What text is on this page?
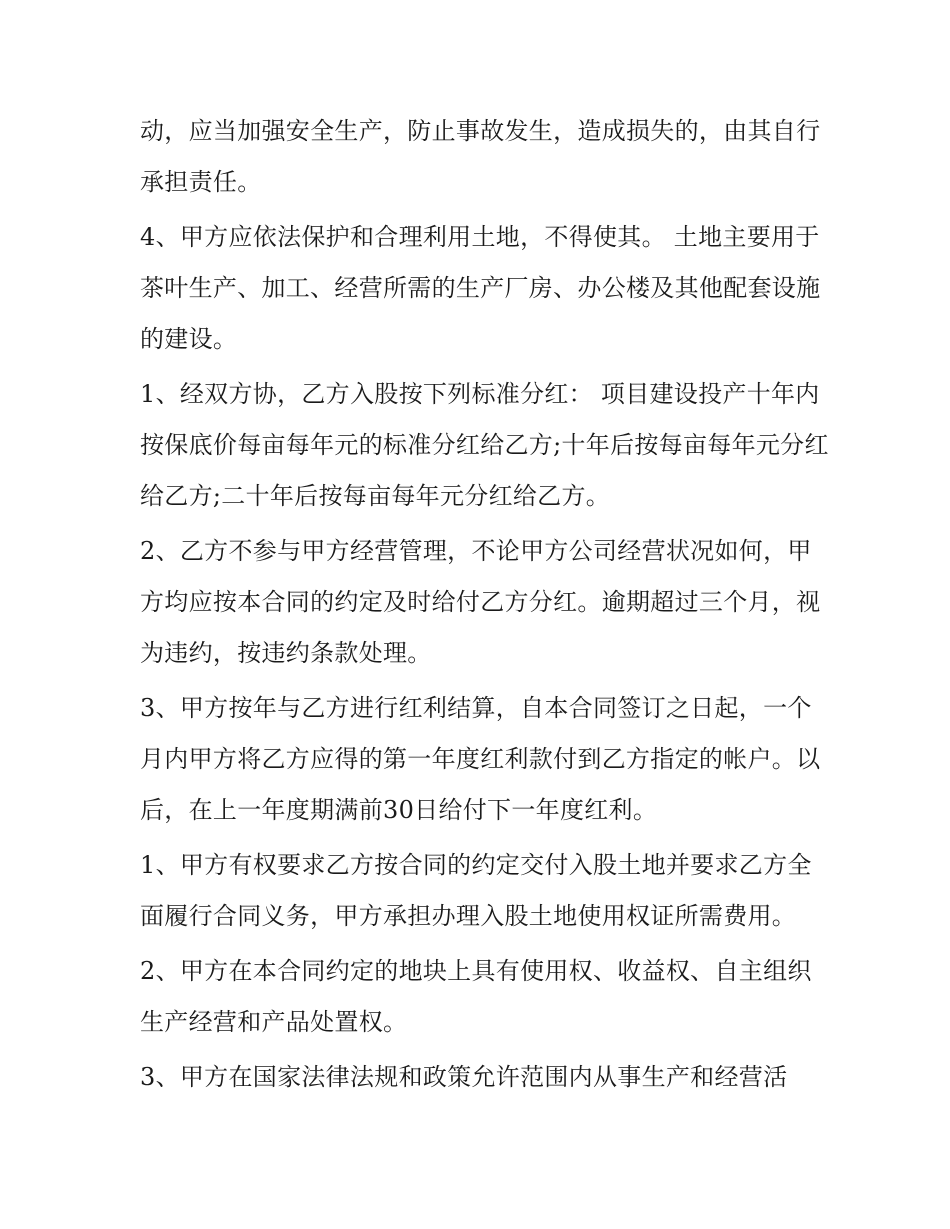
动，应当加强安全生产，防止事故发生，造成损失的，由其自行承担责任。

4、甲方应依法保护和合理利用土地，不得使其。 土地主要用于茶叶生产、加工、经营所需的生产厂房、办公楼及其他配套设施的建设。

1、经双方协，乙方入股按下列标准分红： 项目建设投产十年内按保底价每亩每年元的标准分红给乙方;十年后按每亩每年元分红给乙方;二十年后按每亩每年元分红给乙方。

2、乙方不参与甲方经营管理，不论甲方公司经营状况如何，甲方均应按本合同的约定及时给付乙方分红。逾期超过三个月，视为违约，按违约条款处理。

3、甲方按年与乙方进行红利结算，自本合同签订之日起，一个月内甲方将乙方应得的第一年度红利款付到乙方指定的帐户。以后，在上一年度期满前30日给付下一年度红利。

1、甲方有权要求乙方按合同的约定交付入股土地并要求乙方全面履行合同义务，甲方承担办理入股土地使用权证所需费用。

2、甲方在本合同约定的地块上具有使用权、收益权、自主组织生产经营和产品处置权。

3、甲方在国家法律法规和政策允许范围内从事生产和经营活
